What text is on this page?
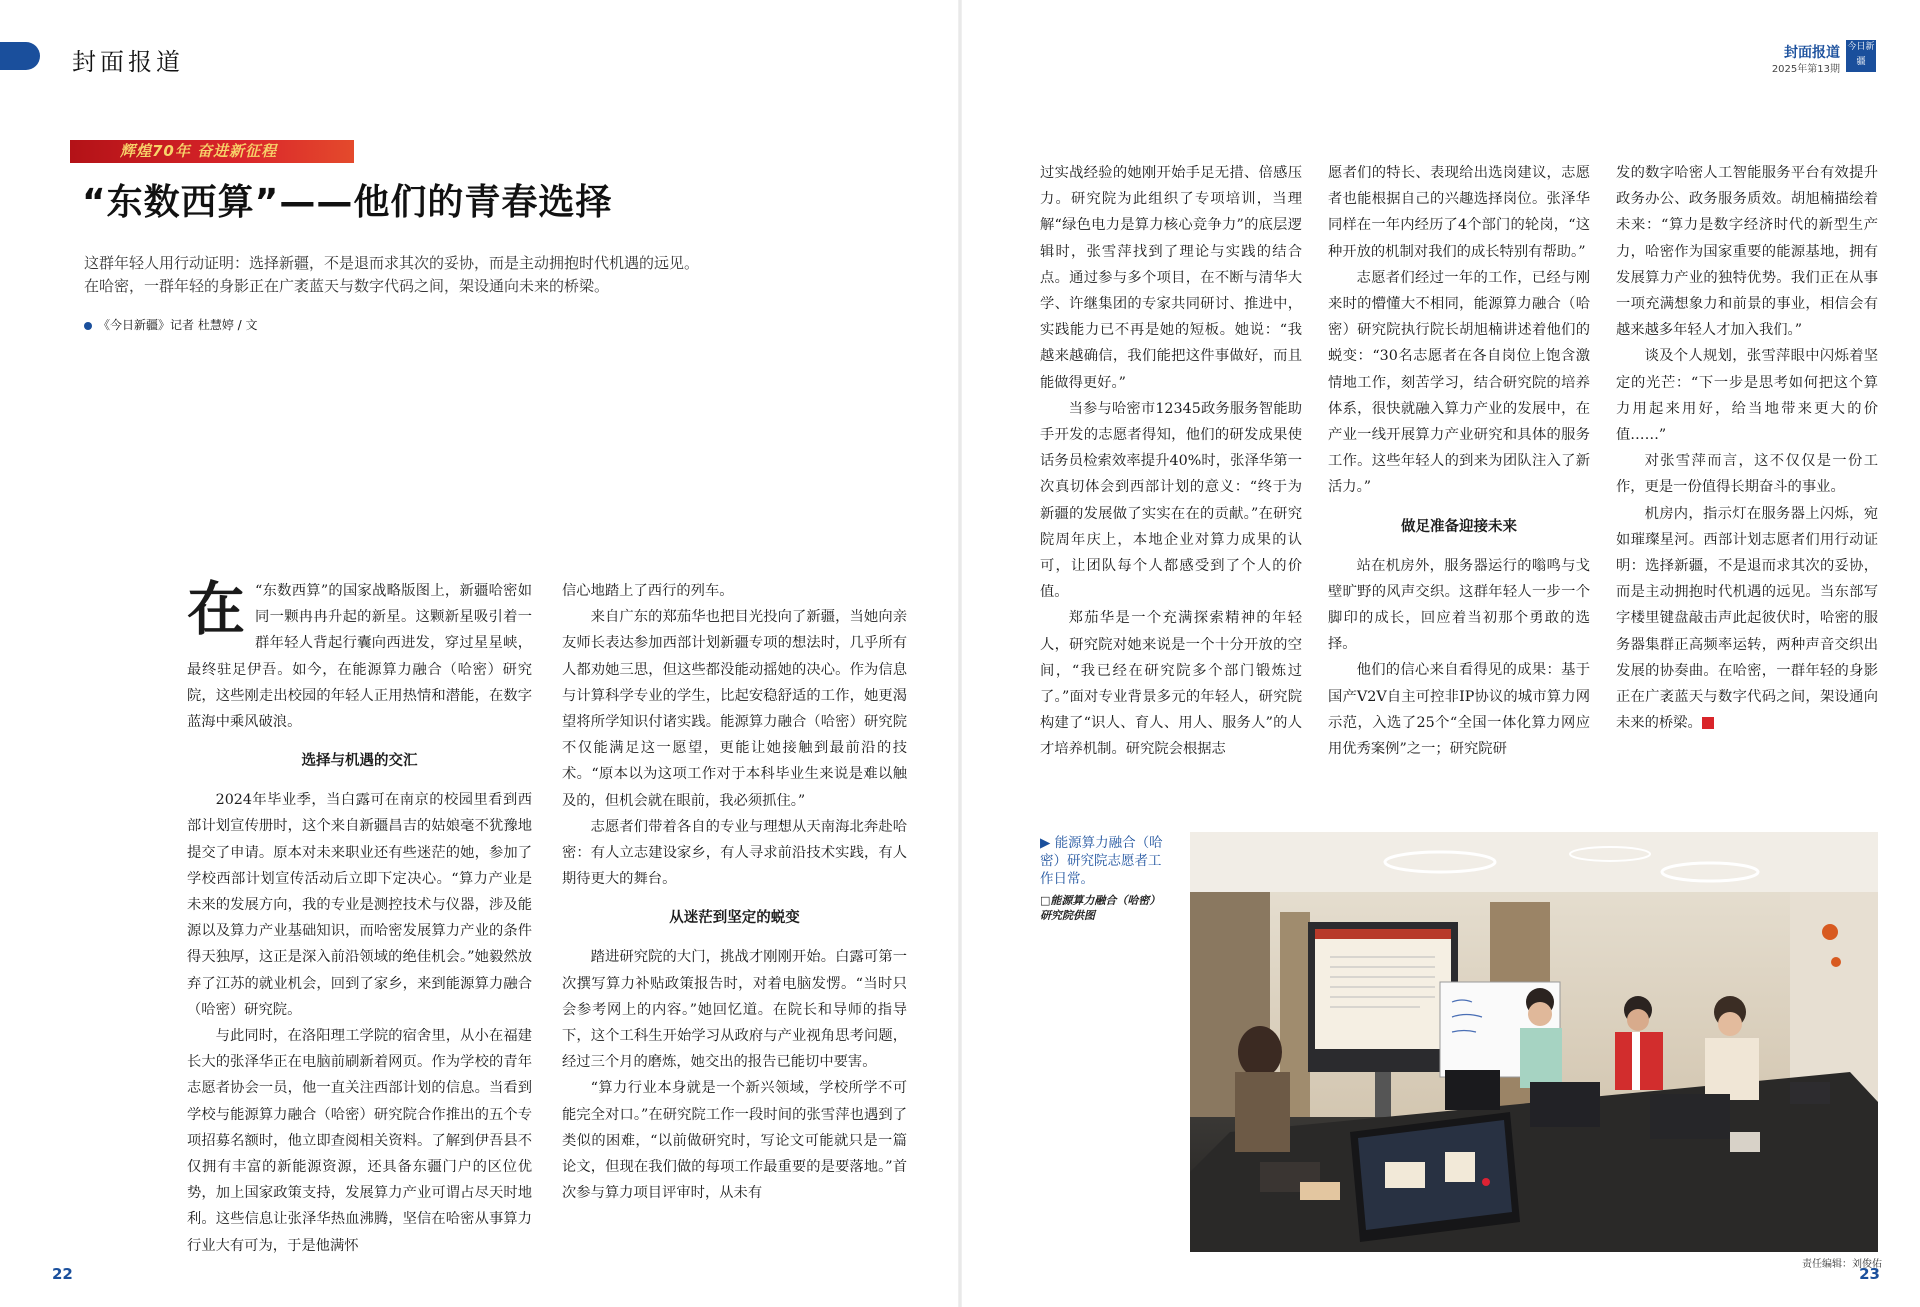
封面报道	封面报道
2025年第13期
今日新疆
辉煌70年 奋进新征程
“东数西算”——他们的青春选择
这群年轻人用行动证明：选择新疆，不是退而求其次的妥协，而是主动拥抱时代机遇的远见。
在哈密，一群年轻的身影正在广袤蓝天与数字代码之间，架设通向未来的桥梁。
《今日新疆》记者 杜慧婷 / 文

在 “东数西算”的国家战略版图上，新疆哈密如同一颗冉冉升起的新星。这颗新星吸引着一群年轻人背起行囊向西进发，穿过星星峡，最终驻足伊吾。如今，在能源算力融合（哈密）研究院，这些刚走出校园的年轻人正用热情和潜能，在数字蓝海中乘风破浪。

选择与机遇的交汇

2024年毕业季，当白露可在南京的校园里看到西部计划宣传册时，这个来自新疆昌吉的姑娘毫不犹豫地提交了申请。原本对未来职业还有些迷茫的她，参加了学校西部计划宣传活动后立即下定决心。“算力产业是未来的发展方向，我的专业是测控技术与仪器，涉及能源以及算力产业基础知识，而哈密发展算力产业的条件得天独厚，这正是深入前沿领域的绝佳机会。”她毅然放弃了江苏的就业机会，回到了家乡，来到能源算力融合（哈密）研究院。

与此同时，在洛阳理工学院的宿舍里，从小在福建长大的张泽华正在电脑前刷新着网页。作为学校的青年志愿者协会一员，他一直关注西部计划的信息。当看到学校与能源算力融合（哈密）研究院合作推出的五个专项招募名额时，他立即查阅相关资料。了解到伊吾县不仅拥有丰富的新能源资源，还具备东疆门户的区位优势，加上国家政策支持，发展算力产业可谓占尽天时地利。这些信息让张泽华热血沸腾，坚信在哈密从事算力行业大有可为，于是他满怀

信心地踏上了西行的列车。

来自广东的郑茄华也把目光投向了新疆，当她向亲友师长表达参加西部计划新疆专项的想法时，几乎所有人都劝她三思，但这些都没能动摇她的决心。作为信息与计算科学专业的学生，比起安稳舒适的工作，她更渴望将所学知识付诸实践。能源算力融合（哈密）研究院不仅能满足这一愿望，更能让她接触到最前沿的技术。“原本以为这项工作对于本科毕业生来说是难以触及的，但机会就在眼前，我必须抓住。”

志愿者们带着各自的专业与理想从天南海北奔赴哈密：有人立志建设家乡，有人寻求前沿技术实践，有人期待更大的舞台。

从迷茫到坚定的蜕变

踏进研究院的大门，挑战才刚刚开始。白露可第一次撰写算力补贴政策报告时，对着电脑发愣。“当时只会参考网上的内容。”她回忆道。在院长和导师的指导下，这个工科生开始学习从政府与产业视角思考问题，经过三个月的磨炼，她交出的报告已能切中要害。

“算力行业本身就是一个新兴领域，学校所学不可能完全对口。”在研究院工作一段时间的张雪萍也遇到了类似的困难，“以前做研究时，写论文可能就只是一篇论文，但现在我们做的每项工作最重要的是要落地。”首次参与算力项目评审时，从未有

过实战经验的她刚开始手足无措、倍感压力。研究院为此组织了专项培训，当理解“绿色电力是算力核心竞争力”的底层逻辑时，张雪萍找到了理论与实践的结合点。通过参与多个项目，在不断与清华大学、许继集团的专家共同研讨、推进中，实践能力已不再是她的短板。她说：“我越来越确信，我们能把这件事做好，而且能做得更好。”

当参与哈密市12345政务服务智能助手开发的志愿者得知，他们的研发成果使话务员检索效率提升40%时，张泽华第一次真切体会到西部计划的意义：“终于为新疆的发展做了实实在在的贡献。”在研究院周年庆上，本地企业对算力成果的认可，让团队每个人都感受到了个人的价值。

郑茄华是一个充满探索精神的年轻人，研究院对她来说是一个十分开放的空间，“我已经在研究院多个部门锻炼过了。”面对专业背景多元的年轻人，研究院构建了“识人、育人、用人、服务人”的人才培养机制。研究院会根据志

愿者们的特长、表现给出选岗建议，志愿者也能根据自己的兴趣选择岗位。张泽华同样在一年内经历了4个部门的轮岗，“这种开放的机制对我们的成长特别有帮助。”

志愿者们经过一年的工作，已经与刚来时的懵懂大不相同，能源算力融合（哈密）研究院执行院长胡旭楠讲述着他们的蜕变：“30名志愿者在各自岗位上饱含激情地工作，刻苦学习，结合研究院的培养体系，很快就融入算力产业的发展中，在产业一线开展算力产业研究和具体的服务工作。这些年轻人的到来为团队注入了新活力。”

做足准备迎接未来

站在机房外，服务器运行的嗡鸣与戈壁旷野的风声交织。这群年轻人一步一个脚印的成长，回应着当初那个勇敢的选择。

他们的信心来自看得见的成果：基于国产V2V自主可控非IP协议的城市算力网示范，入选了25个“全国一体化算力网应用优秀案例”之一；研究院研

发的数字哈密人工智能服务平台有效提升政务办公、政务服务质效。胡旭楠描绘着未来：“算力是数字经济时代的新型生产力，哈密作为国家重要的能源基地，拥有发展算力产业的独特优势。我们正在从事一项充满想象力和前景的事业，相信会有越来越多年轻人才加入我们。”

谈及个人规划，张雪萍眼中闪烁着坚定的光芒：“下一步是思考如何把这个算力用起来用好，给当地带来更大的价值……”

对张雪萍而言，这不仅仅是一份工作，更是一份值得长期奋斗的事业。

机房内，指示灯在服务器上闪烁，宛如璀璨星河。西部计划志愿者们用行动证明：选择新疆，不是退而求其次的妥协，而是主动拥抱时代机遇的远见。当东部写字楼里键盘敲击声此起彼伏时，哈密的服务器集群正高频率运转，两种声音交织出发展的协奏曲。在哈密，一群年轻的身影正在广袤蓝天与数字代码之间，架设通向未来的桥梁。	J

▶ 能源算力融合（哈密）研究院志愿者工作日常。
□能源算力融合（哈密）研究院供图
责任编辑：刘俊佑
22	23
